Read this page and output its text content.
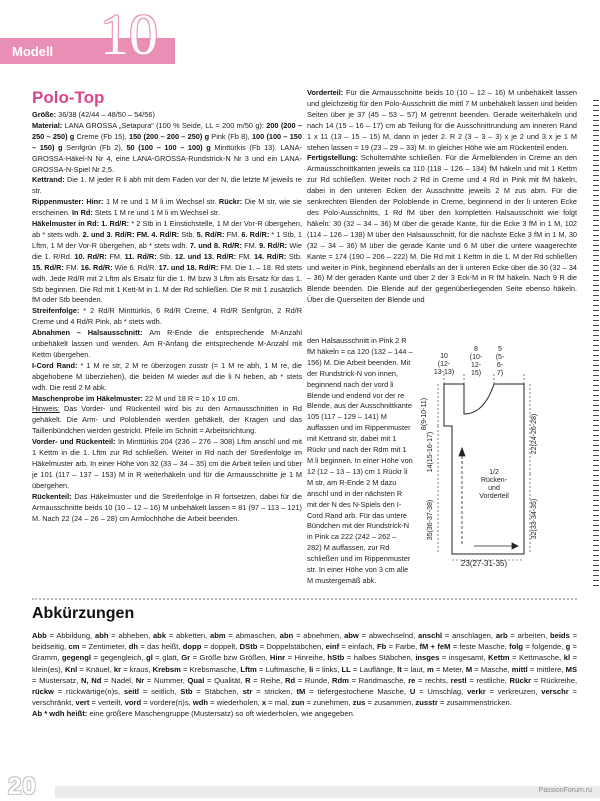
Modell 10
Polo-Top

Größe: 36/38 (42/44 – 48/50 – 54/56)

Material: LANA GROSSA „Setapura“ (100 % Seide, LL = 200 m/50 g): 200 (200 – 250 – 250) g Creme (Fb 15), 150 (200 – 200 – 250) g Pink (Fb 8), 100 (100 – 150 – 150) g Senfgrün (Fb 2), 50 (100 – 100 – 100) g Minttürkis (Fb 13). LANA-GROSSA-Häkel-N Nr 4, eine LANA-GROSSA-Rundstrick-N Nr 3 und ein LANA-GROSSA-N-Spiel Nr 2,5.

Kettrand: Die 1. M jeder R li abh mit dem Faden vor der N, die letzte M jeweils re str.

Rippenmuster: Hinr: 1 M re und 1 M li im Wechsel str. Rückr: Die M str, wie sie erscheinen. In Rd: Stets 1 M re und 1 M li im Wechsel str.

Häkelmuster in Rd: 1. Rd/R: * 2 Stb in 1 Einstichstelle, 1 M der Vor-R übergehen, ab * stets wdh. 2. und 3. Rd/R: FM. 4. Rd/R: Stb. 5. Rd/R: FM. 6. Rd/R: * 1 Stb, 1 Lftm, 1 M der Vor-R übergehen, ab * stets wdh. 7. und 8. Rd/R: FM. 9. Rd/R: Wie die 1. R/Rd. 10. Rd/R: FM. 11. Rd/R: Stb. 12. und 13. Rd/R: FM. 14. Rd/R: Stb. 15. Rd/R: FM. 16. Rd/R: Wie 6. Rd/R. 17. und 18. Rd/R: FM. Die 1. – 18. Rd stets wdh. Jede Rd/R mit 2 Lftm als Ersatz für die 1. fM bzw 3 Lftm als Ersatz für das 1. Stb beginnen. Die Rd mit 1 Kett-M in 1. M der Rd schließen. Die R mit 1 zusätzlich fM oder Stb beenden.

Streifenfolge: * 2 Rd/R Minttürkis, 6 Rd/R Creme, 4 Rd/R Senfgrün, 2 Rd/R Creme und 4 Rd/R Pink, ab * stets wdh.

Abnahmen – Halsausschnitt: Am R-Ende die entsprechende M-Anzahl unbehäkelt lassen und wenden. Am R-Anfang die entsprechende M-Anzahl mit Kettm übergehen.

I-Cord Rand: * 1 M re str, 2 M re überzogen zusstr (= 1 M re abh, 1 M re, die abgehobene M überziehen), die beiden M wieder auf die li N heben, ab * stets wdh. Die restl 2 M abk.

Maschenprobe im Häkelmuster: 22 M und 18 R = 10 x 10 cm.

Hinweis: Das Vorder- und Rückenteil wird bis zu den Armausschnitten in Rd gehäkelt. Die Arm- und Poloblenden werden gehäkelt, der Kragen und das Taillenbündchen werden gestrickt. Pfeile im Schnitt = Arbeitsrichtung.

Vorder- und Rückenteil: In Minttürkis 204 (236 – 276 – 308) Lftm anschl und mit 1 Kettm in die 1. Lftm zur Rd schließen. Weiter in Rd nach der Streifenfolge im Häkelmuster arb. In einer Höhe von 32 (33 – 34 – 35) cm die Arbeit teilen und über je 101 (117 – 137 – 153) M in R weiterhäkeln und für die Armausschnitte je 1 M übergehen.

Rückenteil: Das Häkelmuster und die Streifenfolge in R fortsetzen, dabei für die Armausschnitte beids 10 (10 – 12 – 16) M unbehäkelt lassen = 81 (97 – 113 – 121) M. Nach 22 (24 – 26 – 28) cm Armlochhöhe die Arbeit beenden.

Vorderteil: Für die Armausschnitte beids 10 (10 – 12 – 16) M unbehäkelt lassen und gleichzeitig für den Polo-Ausschnitt die mittl 7 M unbehäkelt lassen und beiden Seiten über je 37 (45 – 53 – 57) M getrennt beenden. Gerade weiterhäkeln und nach 14 (15 – 16 – 17) cm ab Teilung für die Ausschnittrundung am inneren Rand 1 x 11 (13 – 15 – 15) M, dann in jeder 2. R 2 (3 – 3 – 3) x je 2 und 3 x je 1 M stehen lassen = 19 (23 – 29 – 33) M. In gleicher Höhe wie am Rückenteil enden.

Fertigstellung: Schulternähte schließen. Für die Ärmelblenden in Creme an den Armausschnittkanten jeweils ca 110 (118 – 126 – 134) fM häkeln und mit 1 Kettm zur Rd schließen. Weiter noch 2 Rd in Creme und 4 Rd in Pink mit fM häkeln, dabei in den unteren Ecken der Ausschnitte jeweils 2 M zus abm. Für die senkrechten Blenden der Poloblende in Creme, beginnend in der li unteren Ecke des Polo-Ausschnitts, 1 Rd fM über den kompletten Halsausschnitt wie folgt häkeln: 30 (32 – 34 – 36) M über die gerade Kante, für die Ecke 3 fM in 1 M, 102 (114 – 126 – 138) M über den Halsausschnitt, für die nächste Ecke 3 fM in 1 M, 30 (32 – 34 – 36) M über die gerade Kante und 6 M über die untere waagerechte Kante = 174 (190 – 206 – 222) M. Die Rd mit 1 Kettm in die 1. M der Rd schließen und weiter in Pink, beginnend ebenfalls an der li unteren Ecke über die 30 (32 – 34 – 36) M der geraden Kante und über 2 der 3 Eck-M in R fM häkeln. Nach 9 R die Blende beenden. Die Blende auf der gegenüberliegenden Seite ebenso häkeln. Über die Querseiten der Blende und

den Halsausschnitt in Pink 2 R fM häkeln = ca 120 (132 – 144 – 156) M. Die Arbeit beenden. Mit der Rundstrick-N von innen, beginnend nach der vord li Blende und endend vor der re Blende, aus der Ausschnittkante 105 (117 – 129 – 141) M auffassen und im Rippenmuster mit Kettrand str, dabei mit 1 Rückr und nach der Rdm mit 1 M li beginnen. In einer Höhe von 12 (12 – 13 – 13) cm 1 Rückr li M str, am R-Ende 2 M dazu anschl und in der nächsten R mit der N des N-Spiels den I-Cord Rand arb. Für das untere Bündchen mit der Rundstrick-N in Pink ca 222 (242 – 262 – 282) M auffassen, zur Rd schließen und im Rippenmuster str. In einer Höhe von 3 cm alle M mustergemäß abk.
10
(12-
13-13)
8
(10-
12-
15)
5
(5-
6-
7)
8(9-10-11)
14(15-16-17)
35(36-37-38)
22(24-26-28)
32(33-34-35)
1/2
Rücken-
und
Vorderteil
23(27-31-35)
Abkürzungen
Abb = Abbildung, abh = abheben, abk = abketten, abm = abmaschen, abn = abnehmen, abw = abwechselnd, anschl = anschlagen, arb = arbeiten, beids = beidseitig, cm = Zentimeter, dh = das heißt, dopp = doppelt, DStb = Doppelstäbchen, einf = einfach, Fb = Farbe, fM + feM = feste Masche, folg = folgende, g = Gramm, gegengl = gegengleich, gl = glatt, Gr = Größe bzw Größen, Hinr = Hinreihe, hStb = halbes Stäbchen, insges = insgesamt, Kettm = Kettmasche, kl = klein(es), Knl = Knäuel, kr = kraus, Krebsm = Krebsmasche, Lftm = Luftmasche, li = links, LL = Lauflänge, lt = laut, m = Meter, M = Masche, mittl = mittlere, MS = Mustersatz, N, Nd = Nadel, Nr = Nummer, Qual = Qualität, R = Reihe, Rd = Runde, Rdm = Randmasche, re = rechts, restl = restliche, Rückr = Rückreihe, rückw = rückwärtige(n)s, seitl = seitlich, Stb = Stäbchen, str = stricken, tM = tiefergestochene Masche, U = Umschlag, verkr = verkreuzen, verschr = verschränkt, vert = verteilt, vord = vordere(n)s, wdh = wiederholen, x = mal, zun = zunehmen, zus = zusammen, zusstr = zusammenstricken.
Ab * wdh heißt: eine größere Maschengruppe (Mustersatz) so oft wiederholen, wie angegeben.
20	PassionForum.ru
